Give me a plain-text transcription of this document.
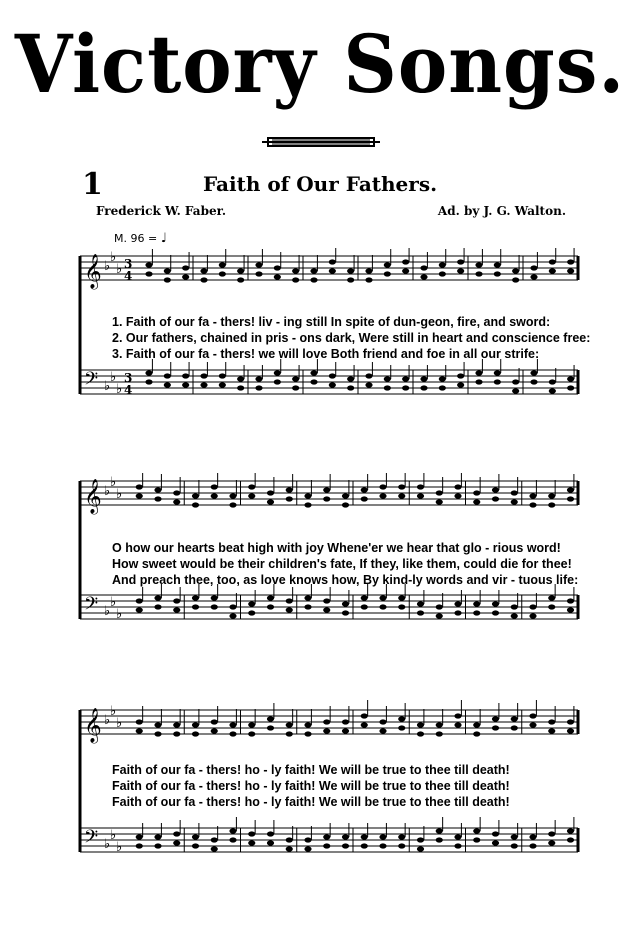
Victory Songs.
1	Faith of Our Fathers.
Frederick W. Faber.	Ad. by J. G. Walton.
M. 96 = ♩
𝄞
𝄢
♭
♭
♭
♭
♭
♭
3
4
3
4
1. Faith of our fa - thers! liv - ing still In spite of dun-geon, fire, and sword:
2. Our fathers, chained in pris - ons dark, Were still in heart and conscience free:
3. Faith of our fa - thers! we will love Both friend and foe in all our strife:
𝄞
𝄢
♭
♭
♭
♭
♭
♭
O how our hearts beat high with joy Whene'er we hear that glo - rious word!
How sweet would be their children's fate, If they, like them, could die for thee!
And preach thee, too, as love knows how, By kind-ly words and vir - tuous life:
𝄞
𝄢
♭
♭
♭
♭
♭
♭
Faith of our fa - thers! ho - ly faith! We will be true to thee till death!
Faith of our fa - thers! ho - ly faith! We will be true to thee till death!
Faith of our fa - thers! ho - ly faith! We will be true to thee till death!
